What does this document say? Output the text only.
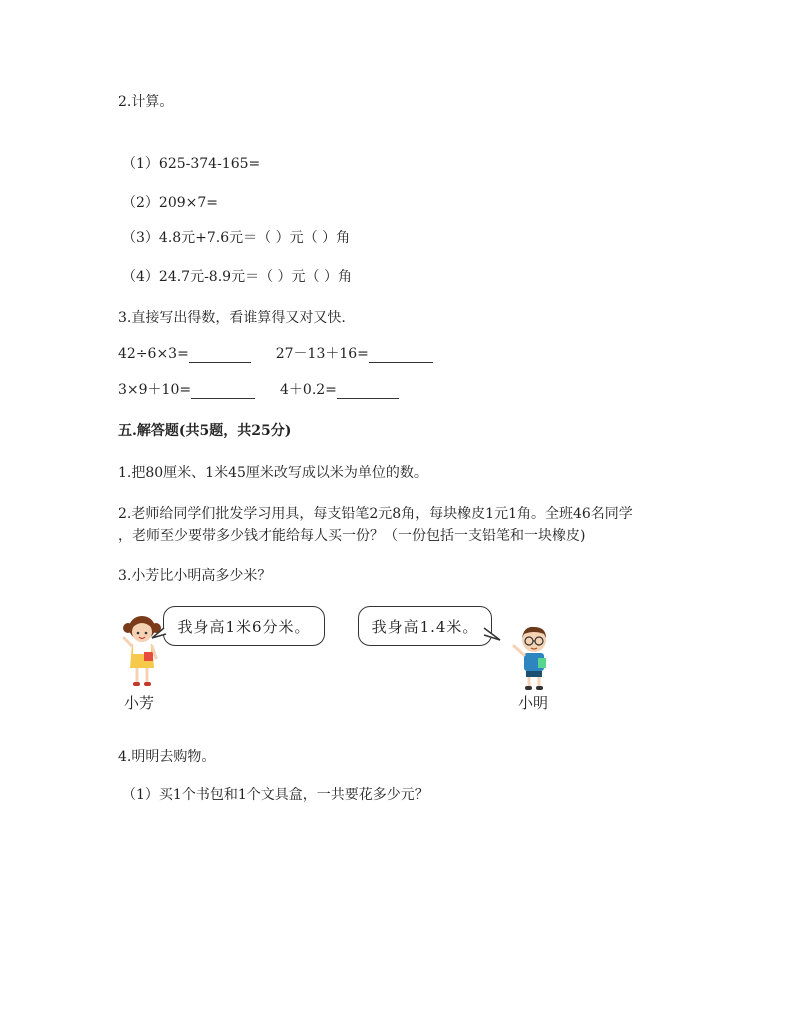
2.计算。
（1）625-374-165=
（2）209×7=
（3）4.8元+7.6元＝（ ）元（ ）角
（4）24.7元-8.9元＝（ ）元（ ）角
3.直接写出得数，看谁算得又对又快.
42÷6×3=	27－13＋16=
3×9＋10=	4＋0.2=
五.解答题(共5题，共25分)
1.把80厘米、1米45厘米改写成以米为单位的数。
2.老师给同学们批发学习用具，每支铅笔2元8角，每块橡皮1元1角。全班46名同学
，老师至少要带多少钱才能给每人买一份？（一份包括一支铅笔和一块橡皮)
3.小芳比小明高多少米？
小芳
我身高1米6分米。	我身高1.4米。
小明
4.明明去购物。
（1）买1个书包和1个文具盒，一共要花多少元？
